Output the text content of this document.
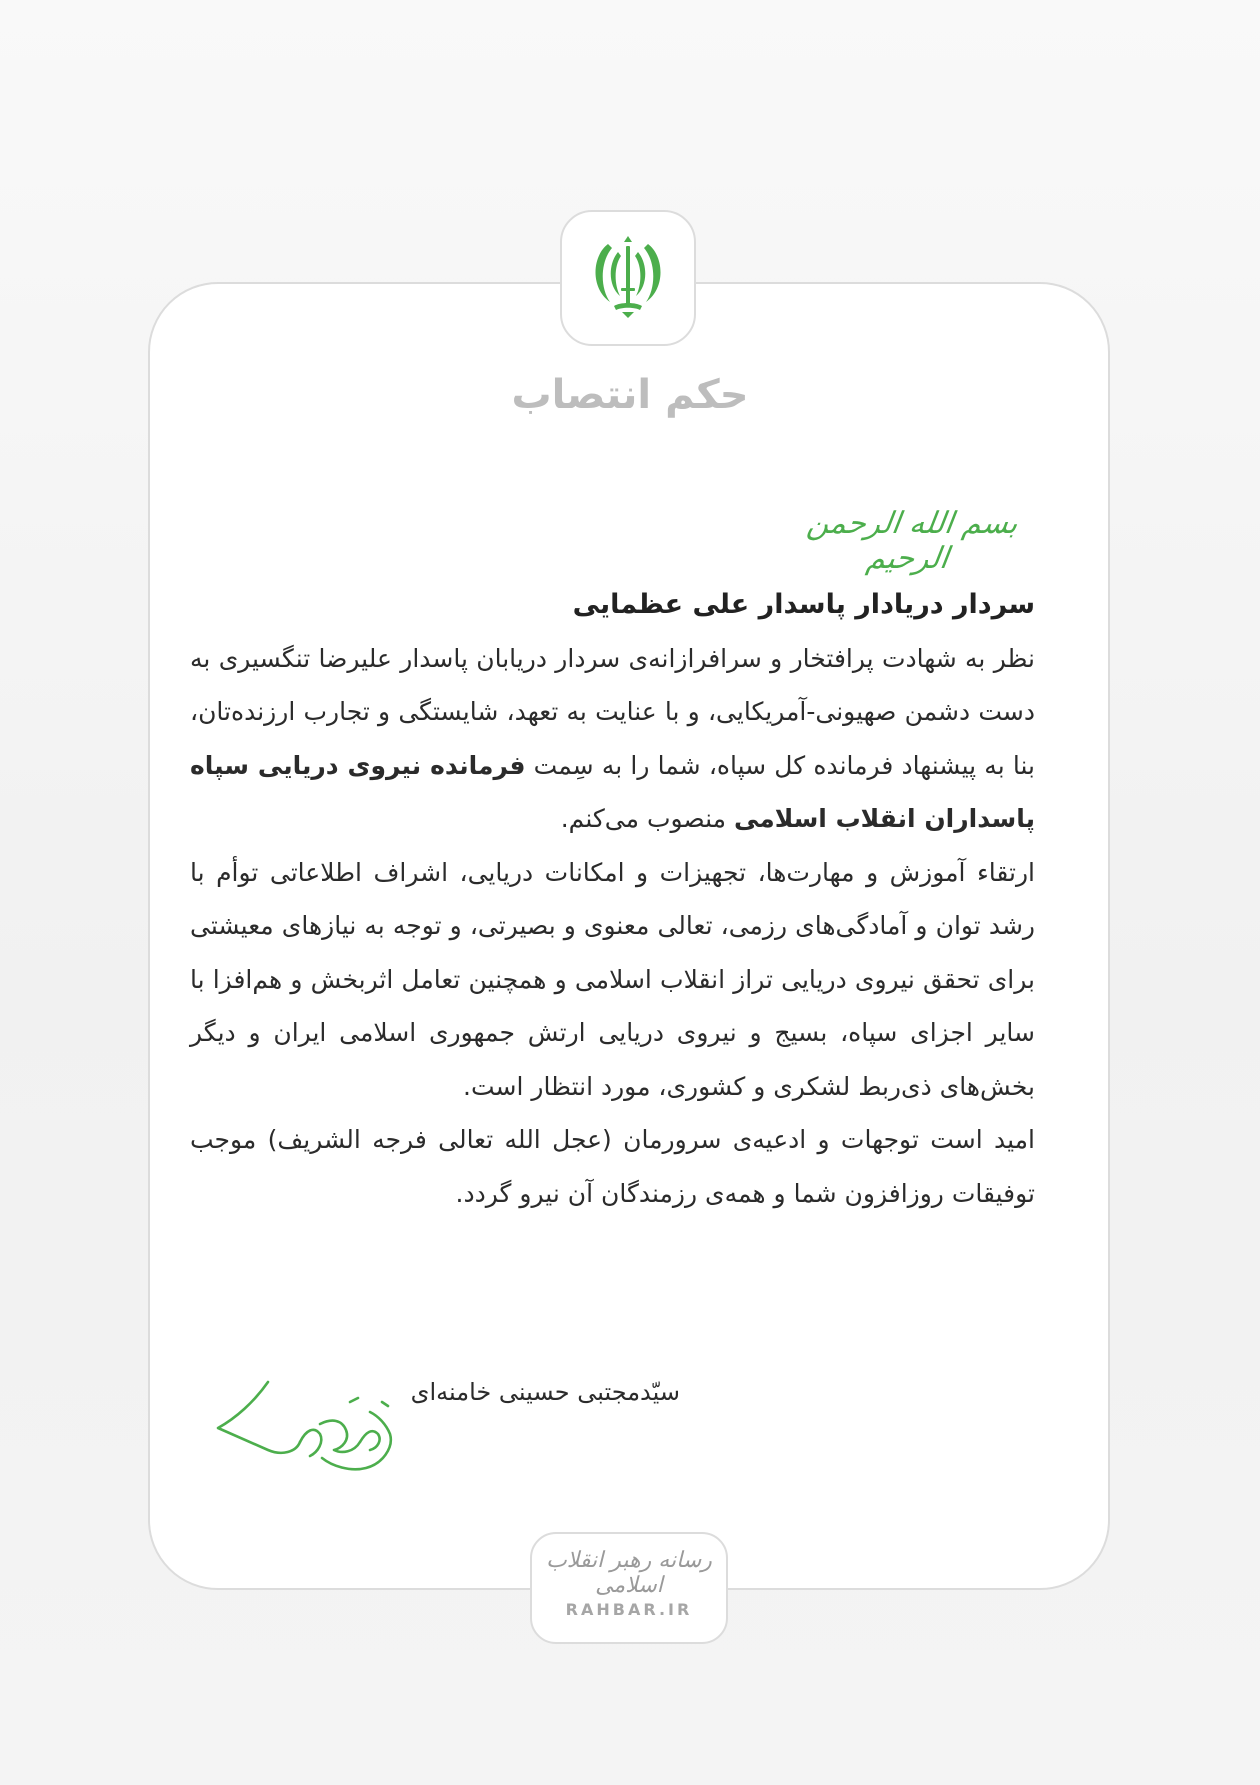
حکم انتصاب
بسم الله الرحمن الرحیم

سردار دریادار پاسدار علی عظمایی

نظر به شهادت پرافتخار و سرافرازانه‌ی سردار دریابان پاسدار علیرضا تنگسیری به دست دشمن صهیونی-آمریکایی، و با عنایت به تعهد، شایستگی و تجارب ارزنده‌تان، بنا به پیشنهاد فرمانده کل سپاه، شما را به سِمت فرمانده نیروی دریایی سپاه پاسداران انقلاب اسلامی منصوب می‌کنم.

ارتقاء آموزش و مهارت‌ها، تجهیزات و امکانات دریایی، اشراف اطلاعاتی توأم با رشد توان و آمادگی‌های رزمی، تعالی معنوی و بصیرتی، و توجه به نیازهای معیشتی برای تحقق نیروی دریایی تراز انقلاب اسلامی و همچنین تعامل اثربخش و هم‌افزا با سایر اجزای سپاه، بسیج و نیروی دریایی ارتش جمهوری اسلامی ایران و دیگر بخش‌های ذی‌ربط لشکری و کشوری، مورد انتظار است.

امید است توجهات و ادعیه‌ی سرورمان (عجل الله تعالی فرجه الشریف) موجب توفیقات روزافزون شما و همه‌ی رزمندگان آن نیرو گردد.

سیّدمجتبی حسینی خامنه‌ای
رسانه رهبر انقلاب اسلامی
RAHBAR.IR
